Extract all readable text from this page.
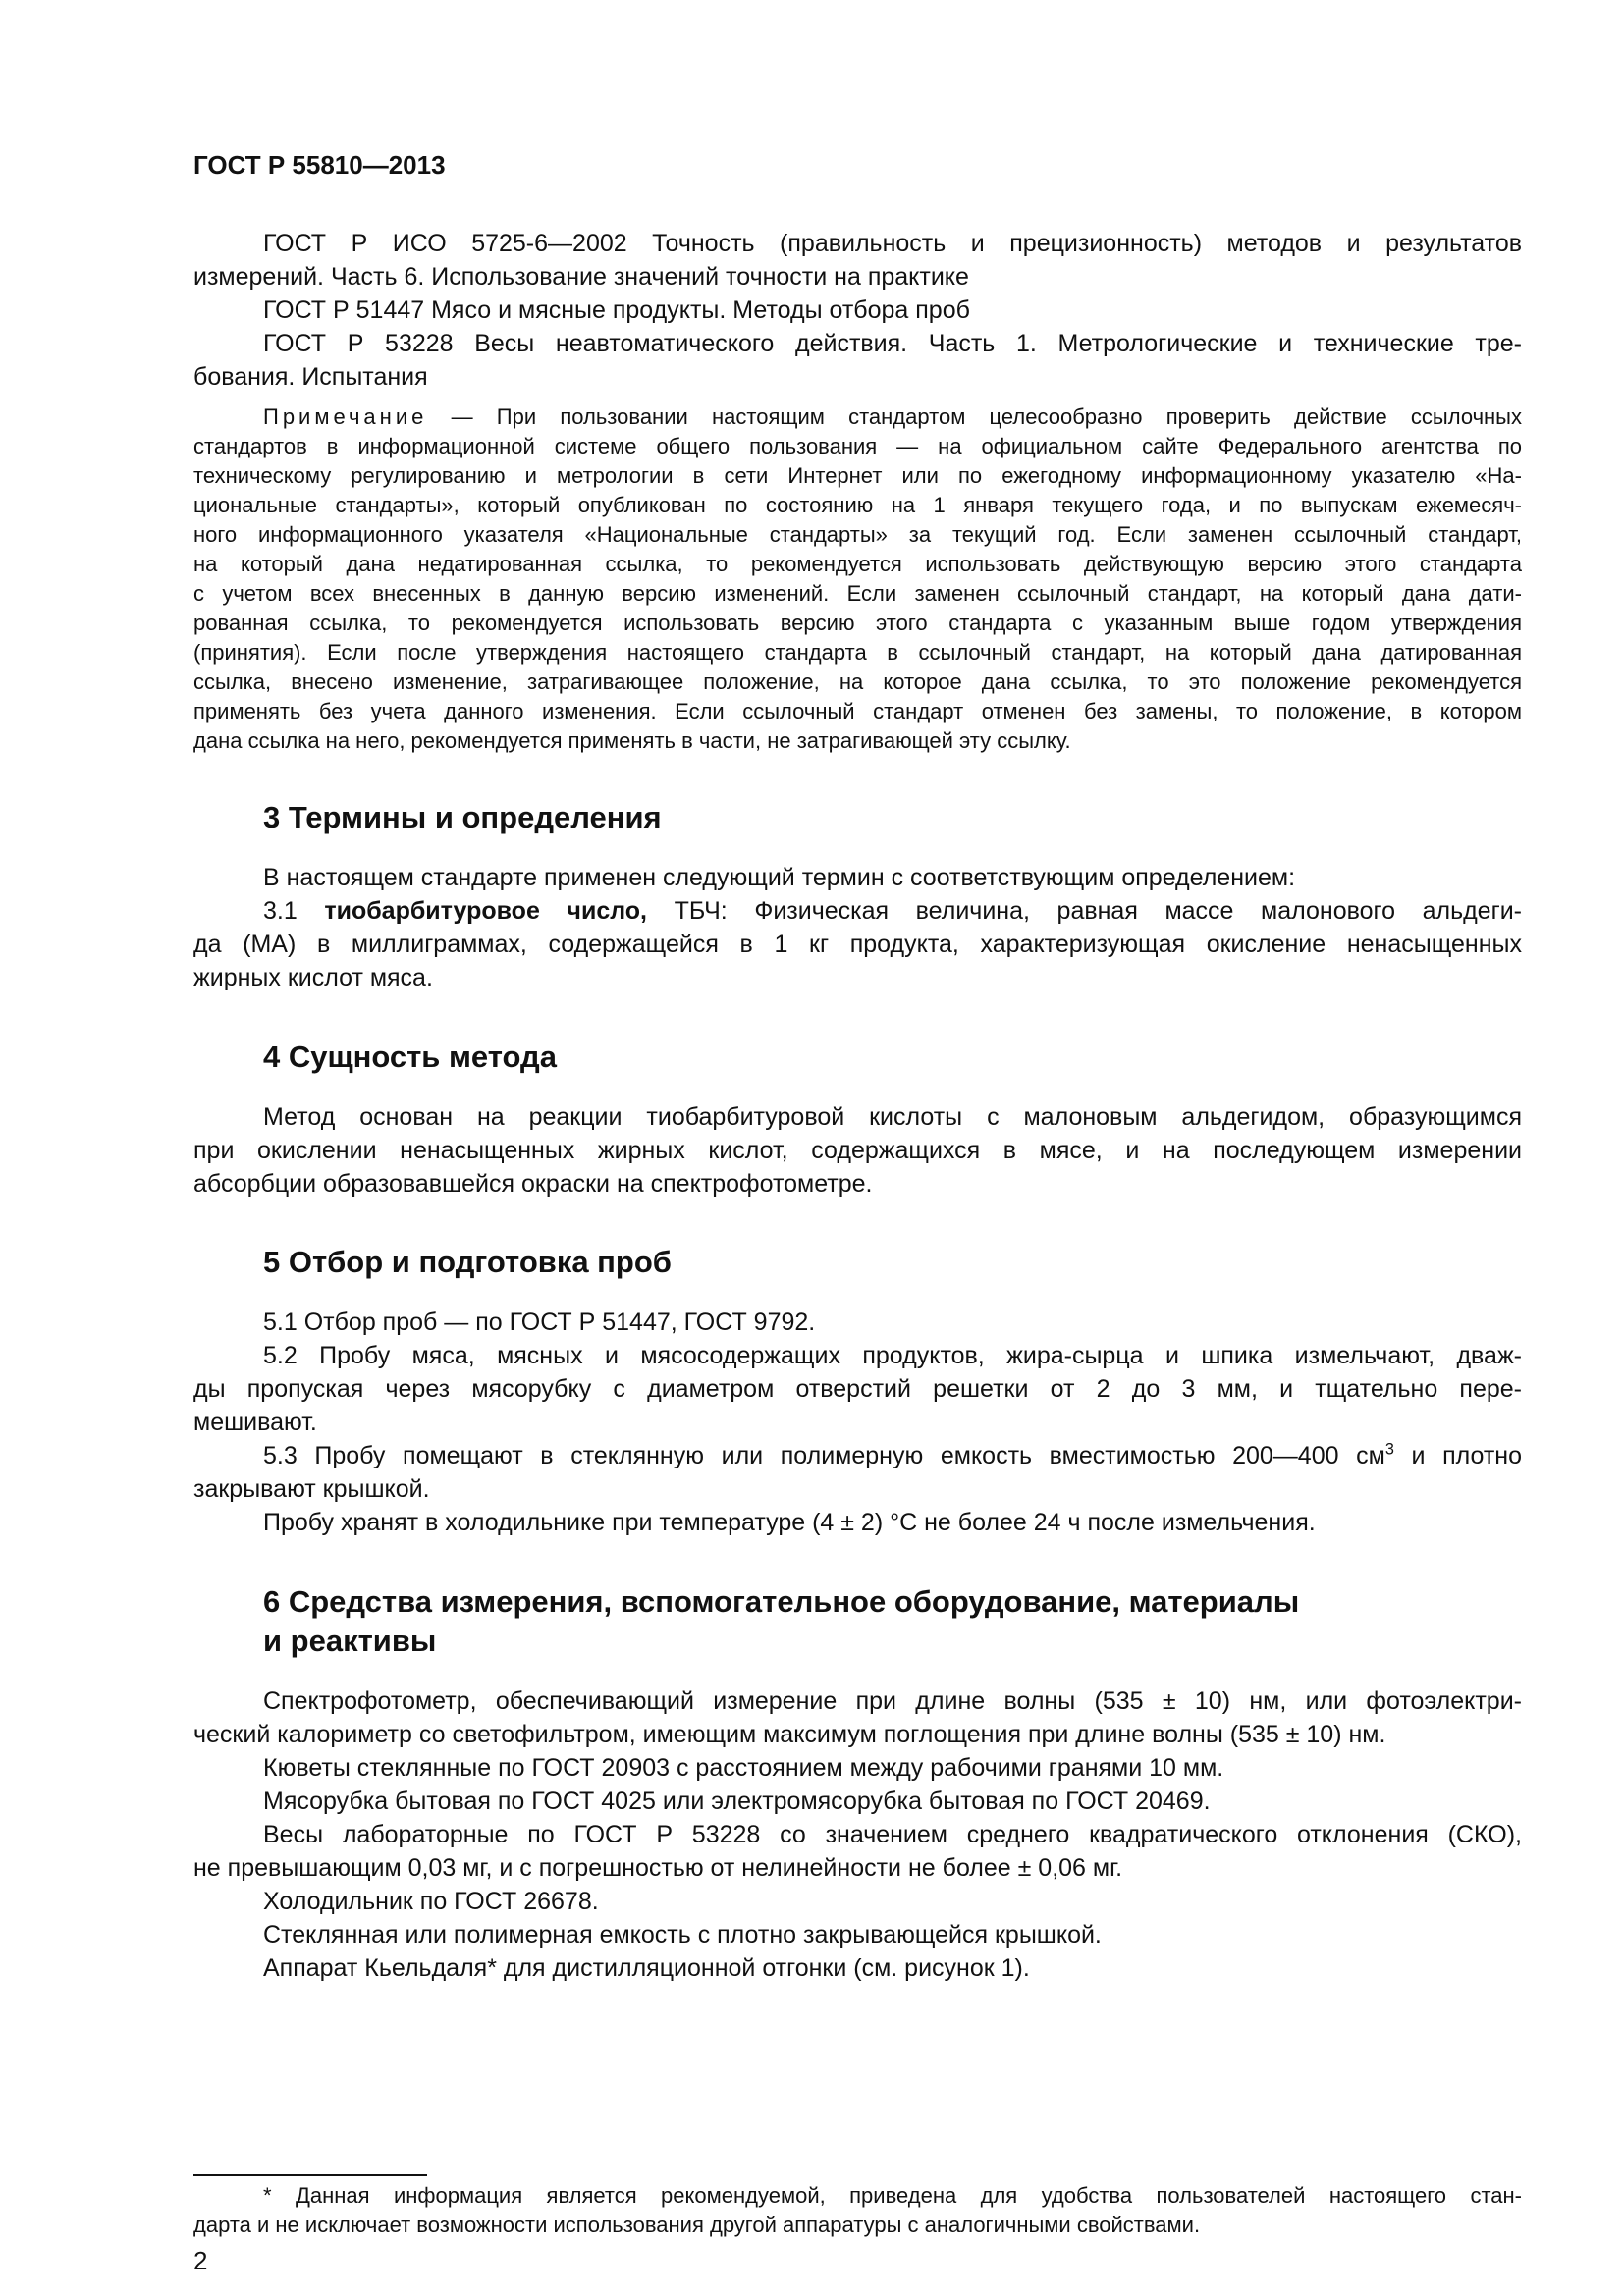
ГОСТ Р 55810—2013
ГОСТ Р ИСО 5725-6—2002 Точность (правильность и прецизионность) методов и результатов
измерений. Часть 6. Использование значений точности на практике
ГОСТ Р 51447 Мясо и мясные продукты. Методы отбора проб
ГОСТ Р 53228 Весы неавтоматического действия. Часть 1. Метрологические и технические тре-
бования. Испытания
Примечание — При пользовании настоящим стандартом целесообразно проверить действие ссылочных
стандартов в информационной системе общего пользования — на официальном сайте Федерального агентства по
техническому регулированию и метрологии в сети Интернет или по ежегодному информационному указателю «На-
циональные стандарты», который опубликован по состоянию на 1 января текущего года, и по выпускам ежемесяч-
ного информационного указателя «Национальные стандарты» за текущий год. Если заменен ссылочный стандарт,
на который дана недатированная ссылка, то рекомендуется использовать действующую версию этого стандарта
с учетом всех внесенных в данную версию изменений. Если заменен ссылочный стандарт, на который дана дати-
рованная ссылка, то рекомендуется использовать версию этого стандарта с указанным выше годом утверждения
(принятия). Если после утверждения настоящего стандарта в ссылочный стандарт, на который дана датированная
ссылка, внесено изменение, затрагивающее положение, на которое дана ссылка, то это положение рекомендуется
применять без учета данного изменения. Если ссылочный стандарт отменен без замены, то положение, в котором
дана ссылка на него, рекомендуется применять в части, не затрагивающей эту ссылку.
3 Термины и определения
В настоящем стандарте применен следующий термин с соответствующим определением:
3.1 тиобарбитуровое число, ТБЧ: Физическая величина, равная массе малонового альдеги-
да (МА) в миллиграммах, содержащейся в 1 кг продукта, характеризующая окисление ненасыщенных
жирных кислот мяса.
4 Сущность метода
Метод основан на реакции тиобарбитуровой кислоты с малоновым альдегидом, образующимся
при окислении ненасыщенных жирных кислот, содержащихся в мясе, и на последующем измерении
абсорбции образовавшейся окраски на спектрофотометре.
5 Отбор и подготовка проб
5.1 Отбор проб — по ГОСТ Р 51447, ГОСТ 9792.
5.2 Пробу мяса, мясных и мясосодержащих продуктов, жира-сырца и шпика измельчают, дваж-
ды пропуская через мясорубку с диаметром отверстий решетки от 2 до 3 мм, и тщательно пере-
мешивают.
5.3 Пробу помещают в стеклянную или полимерную емкость вместимостью 200—400 $см^3$ и плотно
закрывают крышкой.
Пробу хранят в холодильнике при температуре (4 ± 2) °С не более 24 ч после измельчения.
6 Средства измерения, вспомогательное оборудование, материалы
и реактивы
Спектрофотометр, обеспечивающий измерение при длине волны (535 ± 10) нм, или фотоэлектри-
ческий калориметр со светофильтром, имеющим максимум поглощения при длине волны (535 ± 10) нм.
Кюветы стеклянные по ГОСТ 20903 с расстоянием между рабочими гранями 10 мм.
Мясорубка бытовая по ГОСТ 4025 или электромясорубка бытовая по ГОСТ 20469.
Весы лабораторные по ГОСТ Р 53228 со значением среднего квадратического отклонения (СКО),
не превышающим 0,03 мг, и с погрешностью от нелинейности не более ± 0,06 мг.
Холодильник по ГОСТ 26678.
Стеклянная или полимерная емкость с плотно закрывающейся крышкой.
Аппарат Кьельдаля* для дистилляционной отгонки (см. рисунок 1).
* Данная информация является рекомендуемой, приведена для удобства пользователей настоящего стан-
дарта и не исключает возможности использования другой аппаратуры с аналогичными свойствами.
2
